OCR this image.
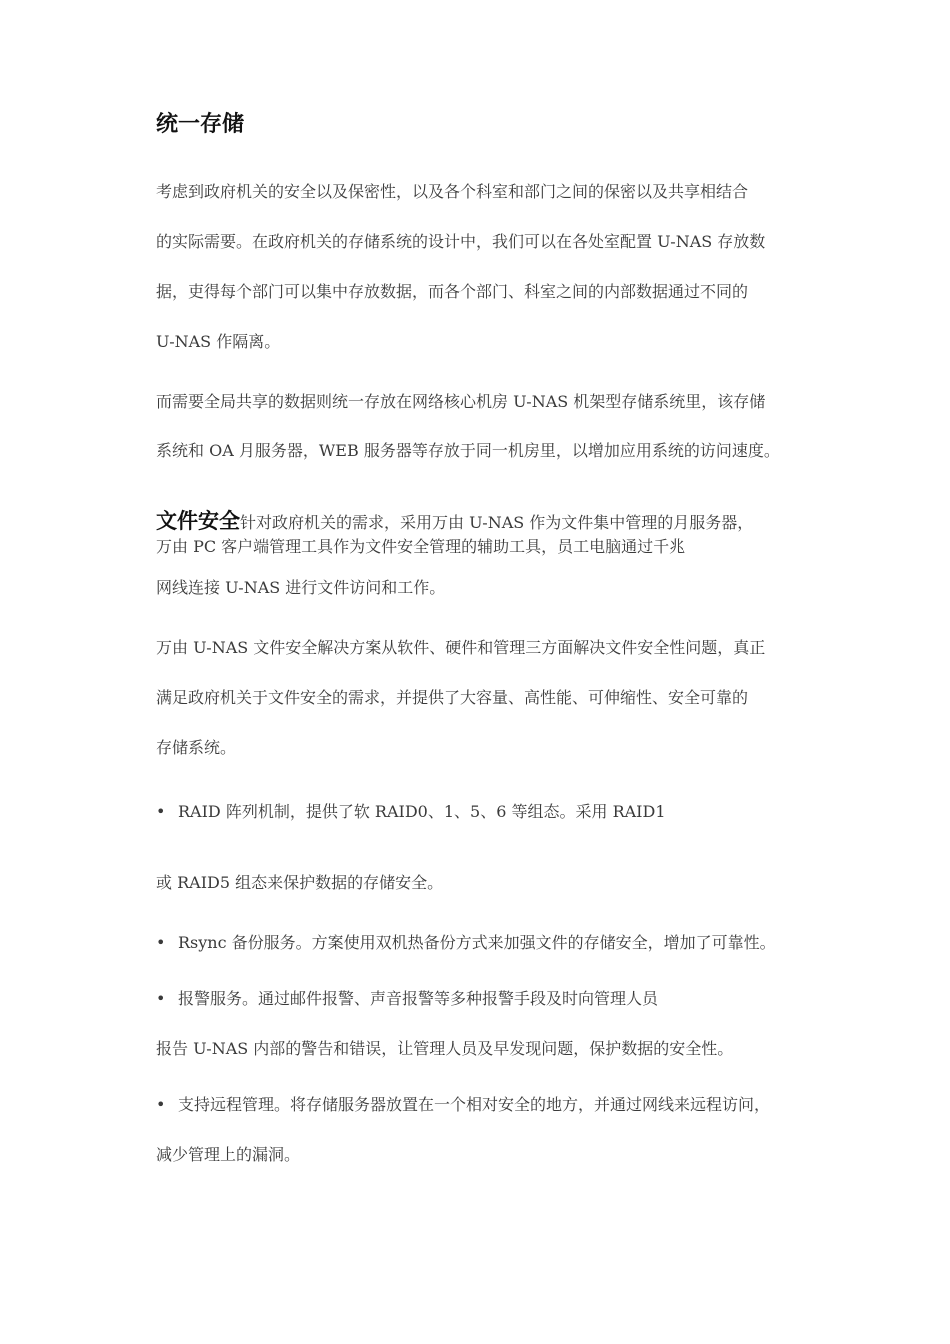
统一存储
考虑到政府机关的安全以及保密性，以及各个科室和部门之间的保密以及共享相结合
的实际需要。在政府机关的存储系统的设计中，我们可以在各处室配置 U-NAS 存放数
据，吏得每个部门可以集中存放数据，而各个部门、科室之间的内部数据通过不同的
U-NAS 作隔离。
而需要全局共享的数据则统一存放在网络核心机房 U-NAS 机架型存储系统里，该存储
系统和 OA 月服务器，WEB 服务器等存放于同一机房里，以增加应用系统的访问速度。
文件安全针对政府机关的需求，采用万由 U-NAS 作为文件集中管理的月服务器，
万由 PC 客户端管理工具作为文件安全管理的辅助工具，员工电脑通过千兆
网线连接 U-NAS 进行文件访问和工作。
万由 U-NAS 文件安全解决方案从软件、硬件和管理三方面解决文件安全性问题，真正
满足政府机关于文件安全的需求，并提供了大容量、高性能、可伸缩性、安全可靠的
存储系统。
• RAID 阵列机制，提供了软 RAID0、1、5、6 等组态。采用 RAID1
或 RAID5 组态来保护数据的存储安全。
• Rsync 备份服务。方案使用双机热备份方式来加强文件的存储安全，增加了可靠性。
• 报警服务。通过邮件报警、声音报警等多种报警手段及时向管理人员
报告 U-NAS 内部的警告和错误，让管理人员及早发现问题，保护数据的安全性。
• 支持远程管理。将存储服务器放置在一个相对安全的地方，并通过网线来远程访问，
减少管理上的漏洞。
